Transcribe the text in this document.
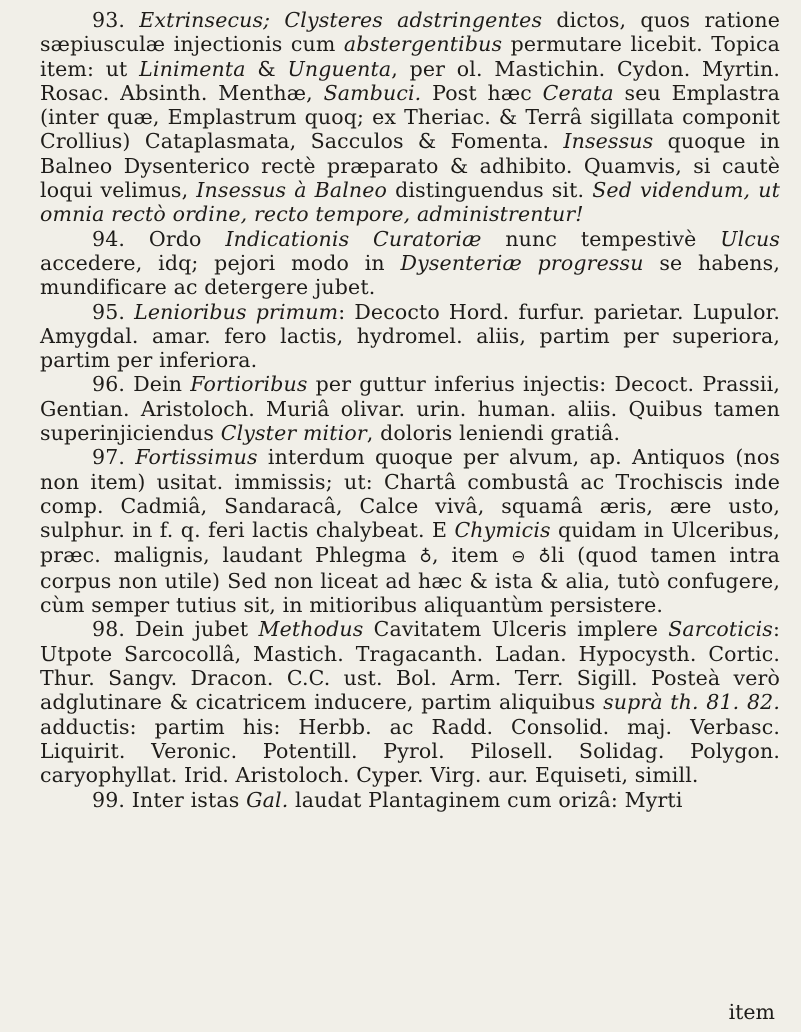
93. Extrinsecus; Clysteres adstringentes dictos, quos ratione sæpiusculæ injectionis cum abstergentibus permutare licebit. Topica item: ut Linimenta & Unguenta, per ol. Mastichin. Cydon. Myrtin. Rosac. Absinth. Menthæ, Sambuci. Post hæc Cerata seu Emplastra (inter quæ, Emplastrum quoq; ex Theriac. & Terrâ sigillata componit Crollius) Cataplasmata, Sacculos & Fomenta. Insessus quoque in Balneo Dysenterico rectè præparato & adhibito. Quamvis, si cautè loqui velimus, Insessus à Balneo distinguendus sit. Sed videndum, ut omnia rectò ordine, recto tempore, administrentur!

94. Ordo Indicationis Curatoriæ nunc tempestivè Ulcus accedere, idq; pejori modo in Dysenteriæ progressu se habens, mundificare ac detergere jubet.

95. Lenioribus primum: Decocto Hord. furfur. parietar. Lupulor. Amygdal. amar. fero lactis, hydromel. aliis, partim per superiora, partim per inferiora.

96. Dein Fortioribus per guttur inferius injectis: Decoct. Prassii, Gentian. Aristoloch. Muriâ olivar. urin. human. aliis. Quibus tamen superinjiciendus Clyster mitior, doloris leniendi gratiâ.

97. Fortissimus interdum quoque per alvum, ap. Antiquos (nos non item) usitat. immissis; ut: Chartâ combustâ ac Trochiscis inde comp. Cadmiâ, Sandaracâ, Calce vivâ, squamâ æris, ære usto, sulphur. in f. q. feri lactis chalybeat. E Chymicis quidam in Ulceribus, præc. malignis, laudant Phlegma ♁, item ⊖ ♁li (quod tamen intra corpus non utile) Sed non liceat ad hæc & ista & alia, tutò confugere, cùm semper tutius sit, in mitioribus aliquantùm persistere.

98. Dein jubet Methodus Cavitatem Ulceris implere Sarcoticis: Utpote Sarcocollâ, Mastich. Tragacanth. Ladan. Hypocysth. Cortic. Thur. Sangv. Dracon. C.C. ust. Bol. Arm. Terr. Sigill. Posteà verò adglutinare & cicatricem inducere, partim aliquibus suprà th. 81. 82. adductis: partim his: Herbb. ac Radd. Consolid. maj. Verbasc. Liquirit. Veronic. Potentill. Pyrol. Pilosell. Solidag. Polygon. caryophyllat. Irid. Aristoloch. Cyper. Virg. aur. Equiseti, simill.

99. Inter istas Gal. laudat Plantaginem cum orizâ: Myrti

item
